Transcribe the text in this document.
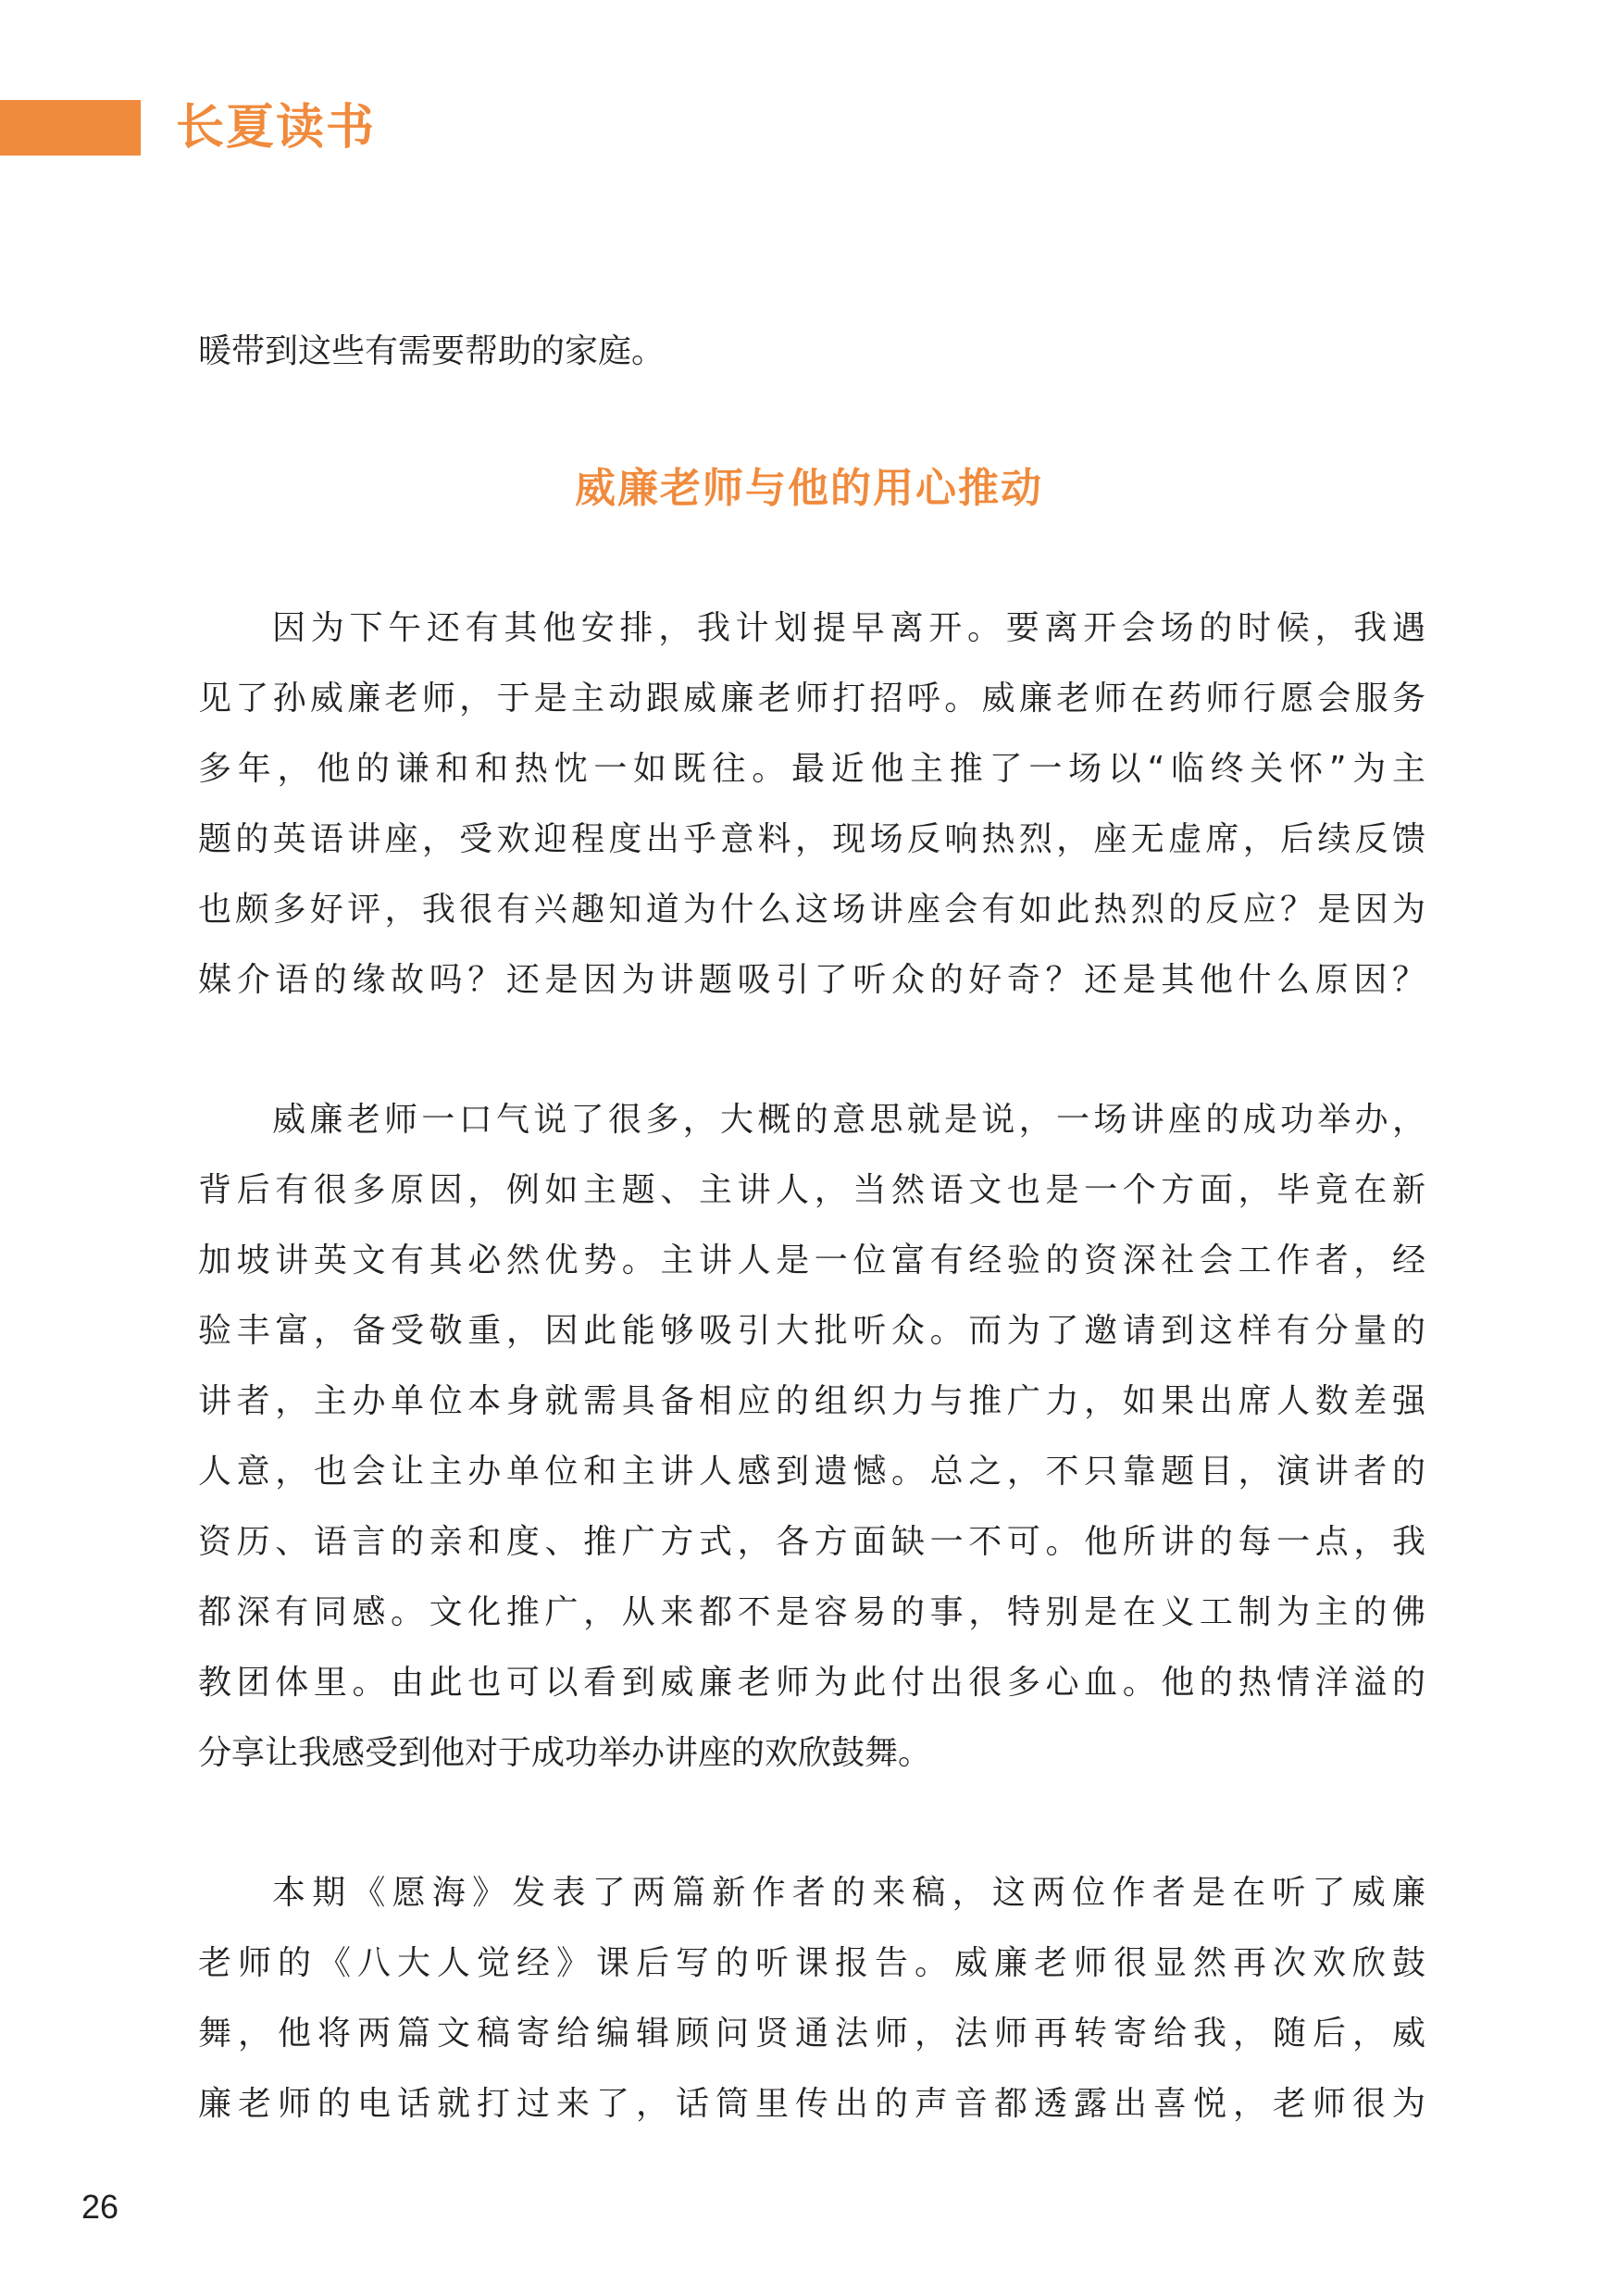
长夏读书
暖带到这些有需要帮助的家庭。
威廉老师与他的用心推动
因为下午还有其他安排，我计划提早离开。要离开会场的时候，我遇
见了孙威廉老师，于是主动跟威廉老师打招呼。威廉老师在药师行愿会服务
多年，他的谦和和热忱一如既往。最近他主推了一场以“临终关怀”为主
题的英语讲座，受欢迎程度出乎意料，现场反响热烈，座无虚席，后续反馈
也颇多好评，我很有兴趣知道为什么这场讲座会有如此热烈的反应？是因为
媒介语的缘故吗？还是因为讲题吸引了听众的好奇？还是其他什么原因？
威廉老师一口气说了很多，大概的意思就是说，一场讲座的成功举办，
背后有很多原因，例如主题、主讲人，当然语文也是一个方面，毕竟在新
加坡讲英文有其必然优势。主讲人是一位富有经验的资深社会工作者，经
验丰富，备受敬重，因此能够吸引大批听众。而为了邀请到这样有分量的
讲者，主办单位本身就需具备相应的组织力与推广力，如果出席人数差强
人意，也会让主办单位和主讲人感到遗憾。总之，不只靠题目，演讲者的
资历、语言的亲和度、推广方式，各方面缺一不可。他所讲的每一点，我
都深有同感。文化推广，从来都不是容易的事，特别是在义工制为主的佛
教团体里。由此也可以看到威廉老师为此付出很多心血。他的热情洋溢的
分享让我感受到他对于成功举办讲座的欢欣鼓舞。
本期《愿海》发表了两篇新作者的来稿，这两位作者是在听了威廉
老师的《八大人觉经》课后写的听课报告。威廉老师很显然再次欢欣鼓
舞，他将两篇文稿寄给编辑顾问贤通法师，法师再转寄给我，随后，威
廉老师的电话就打过来了，话筒里传出的声音都透露出喜悦，老师很为
26
